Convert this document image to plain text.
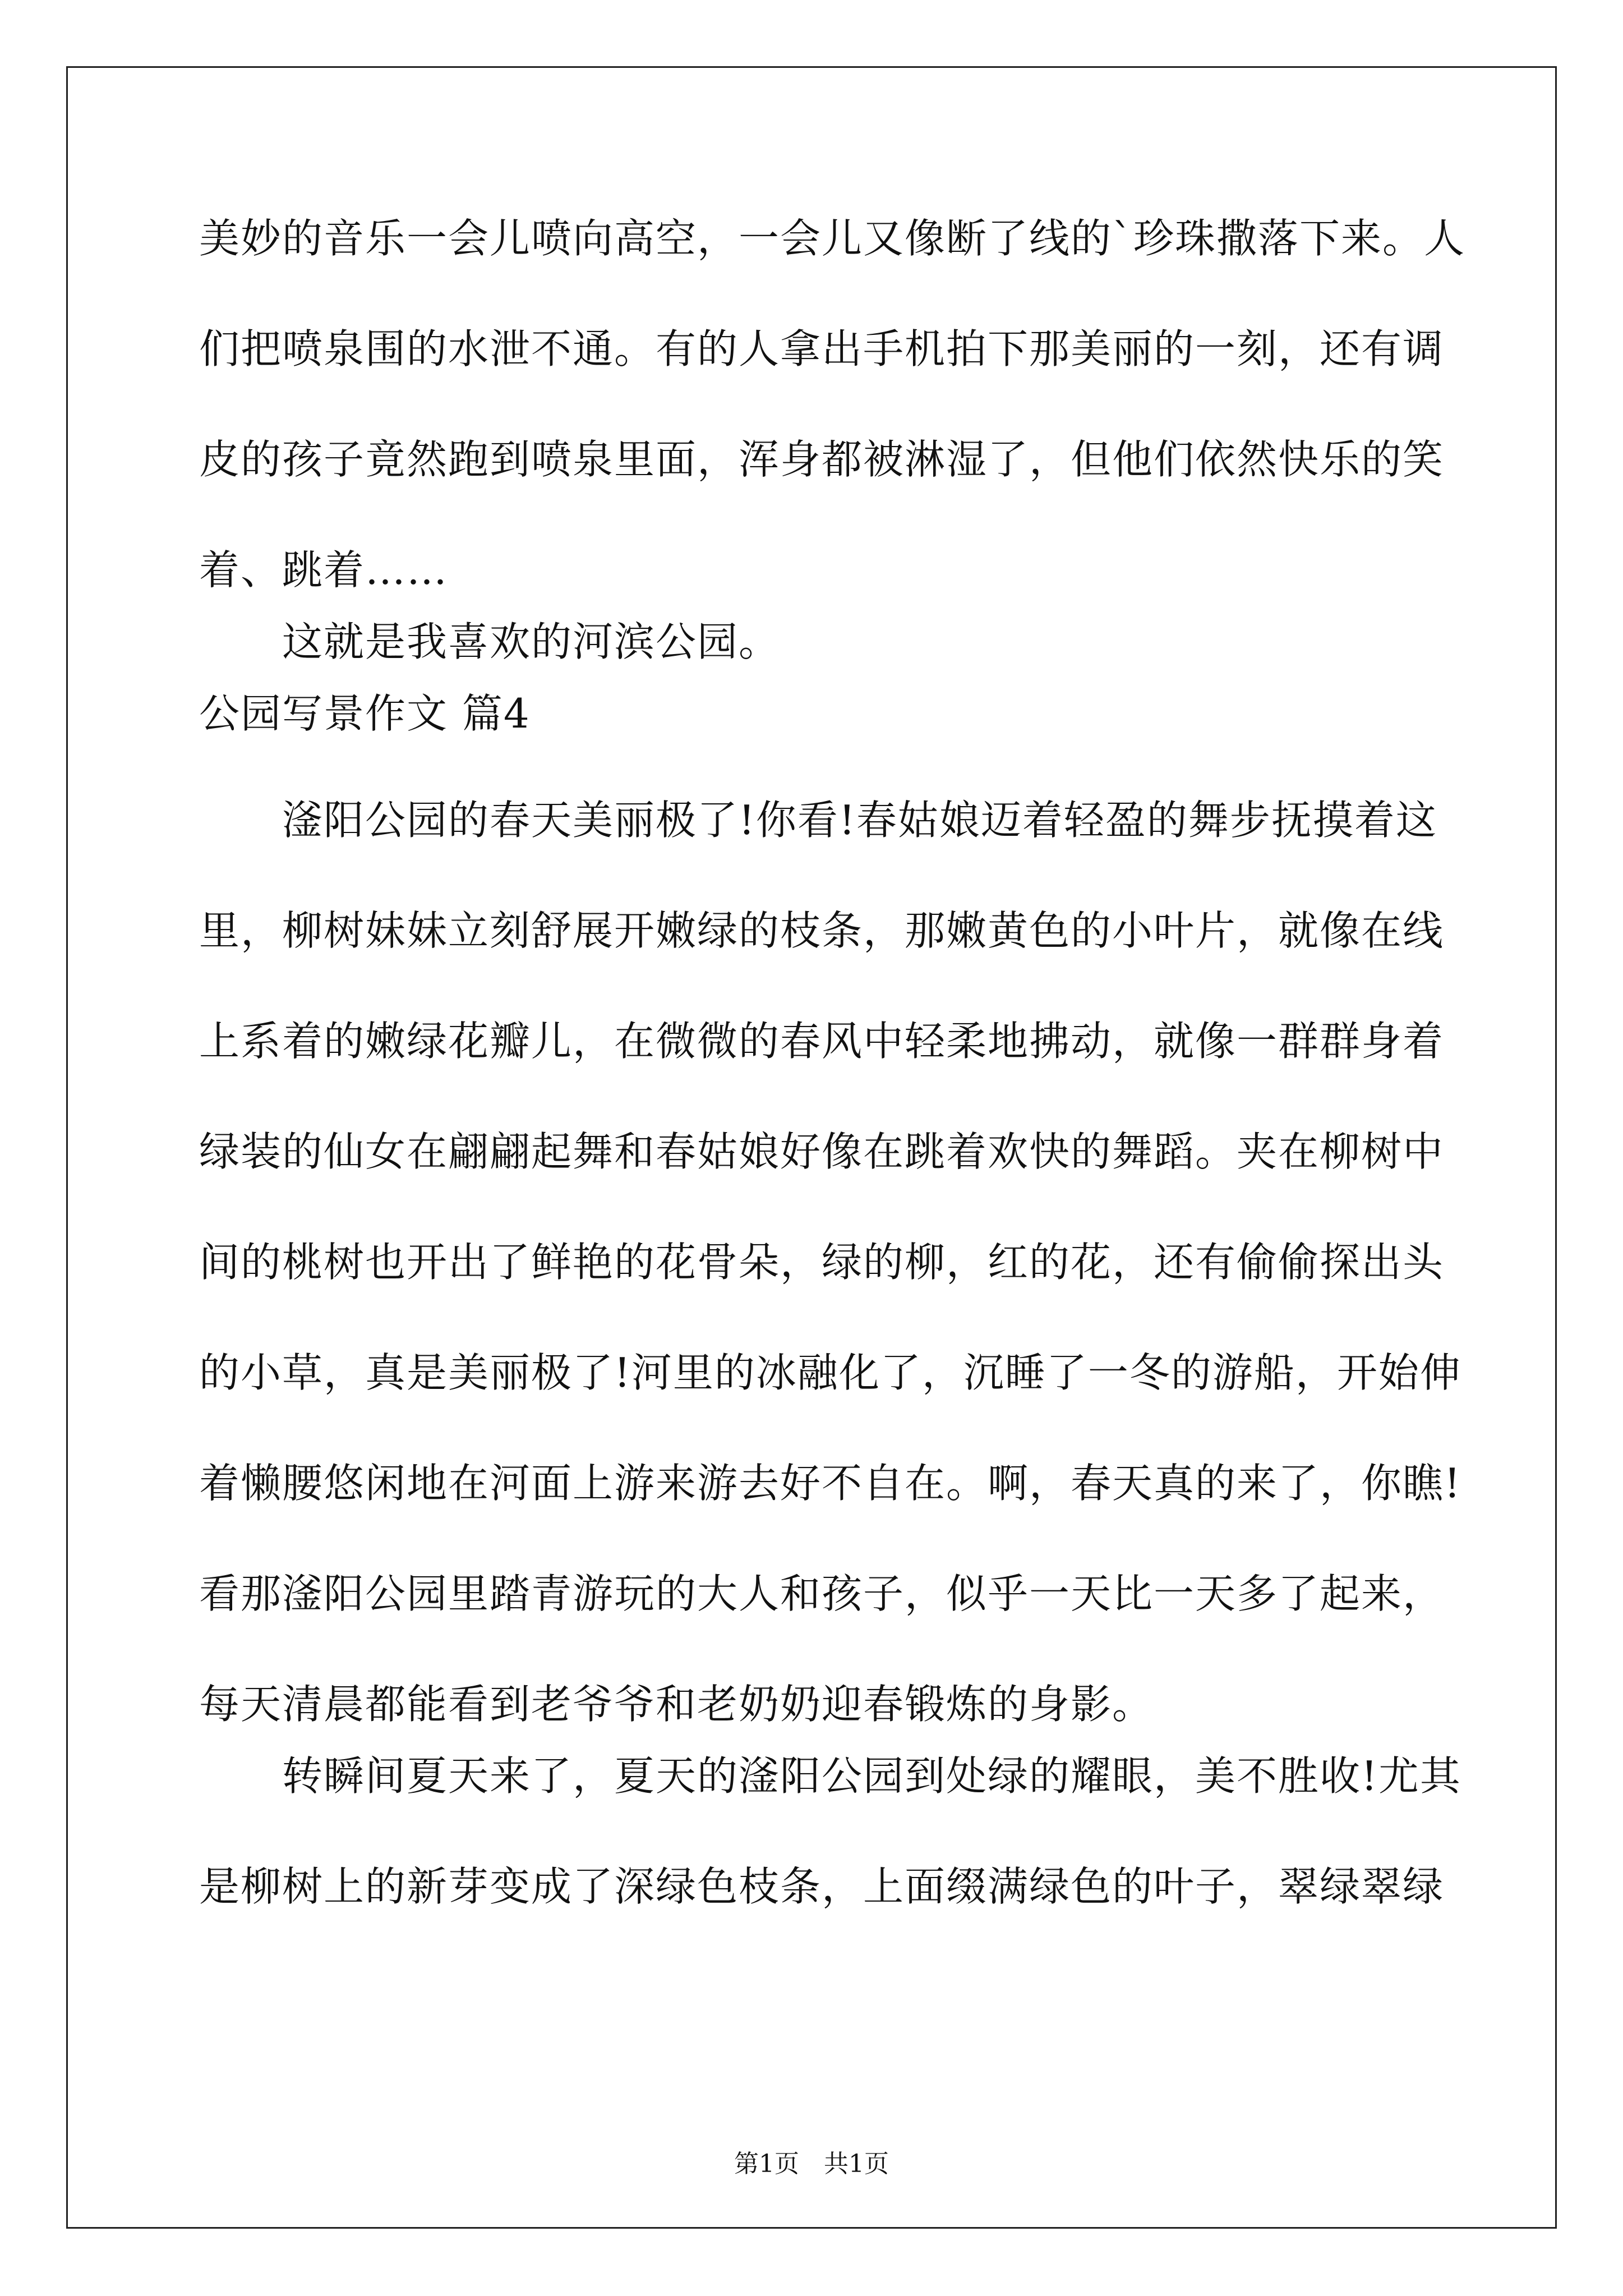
美妙的音乐一会儿喷向高空，一会儿又像断了线的`珍珠撒落下来。人
们把喷泉围的水泄不通。有的人拿出手机拍下那美丽的一刻，还有调
皮的孩子竟然跑到喷泉里面，浑身都被淋湿了，但他们依然快乐的笑
着、跳着……
这就是我喜欢的河滨公园。
公园写景作文 篇4
滏阳公园的春天美丽极了!你看!春姑娘迈着轻盈的舞步抚摸着这
里，柳树妹妹立刻舒展开嫩绿的枝条，那嫩黄色的小叶片，就像在线
上系着的嫩绿花瓣儿，在微微的春风中轻柔地拂动，就像一群群身着
绿装的仙女在翩翩起舞和春姑娘好像在跳着欢快的舞蹈。夹在柳树中
间的桃树也开出了鲜艳的花骨朵，绿的柳，红的花，还有偷偷探出头
的小草，真是美丽极了!河里的冰融化了，沉睡了一冬的游船，开始伸
着懒腰悠闲地在河面上游来游去好不自在。啊，春天真的来了，你瞧!
看那滏阳公园里踏青游玩的大人和孩子，似乎一天比一天多了起来，
每天清晨都能看到老爷爷和老奶奶迎春锻炼的身影。
转瞬间夏天来了，夏天的滏阳公园到处绿的耀眼，美不胜收!尤其
是柳树上的新芽变成了深绿色枝条，上面缀满绿色的叶子，翠绿翠绿
第1页　共1页
